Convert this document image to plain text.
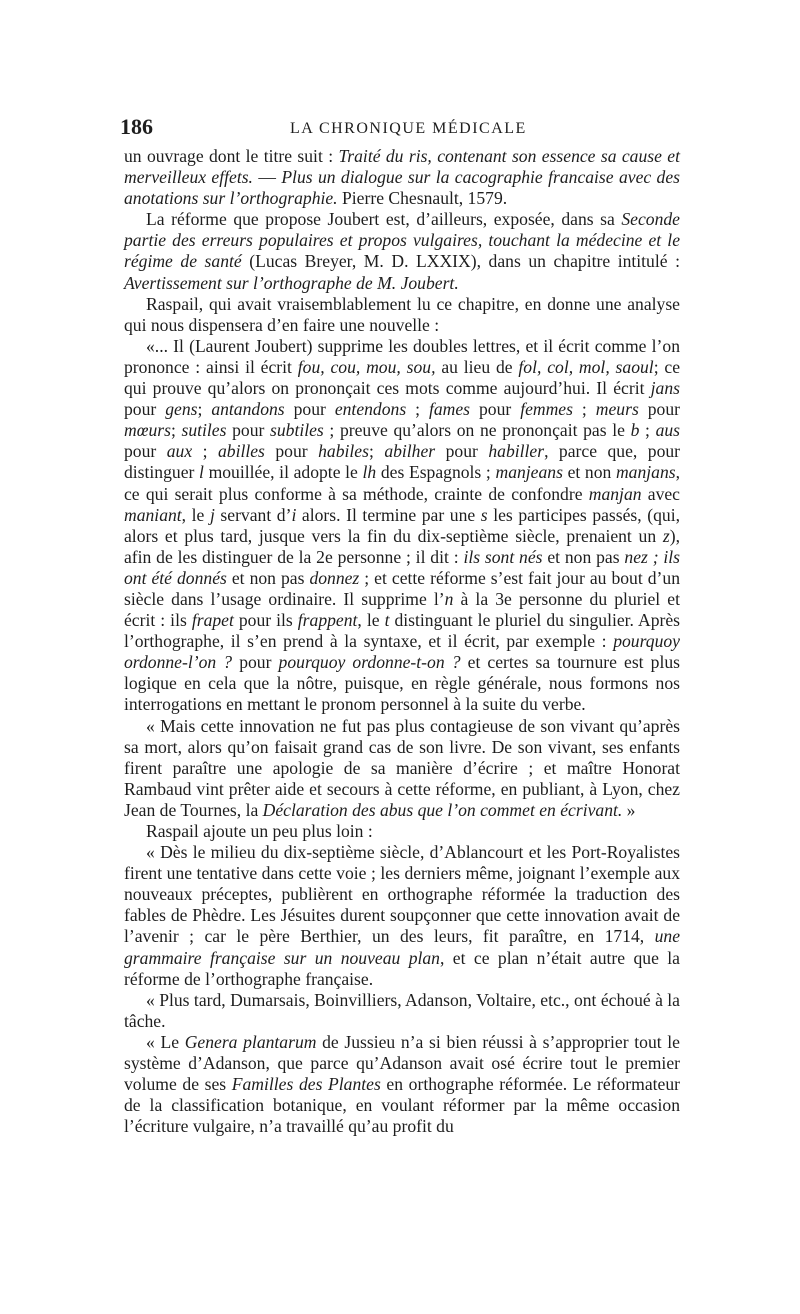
186	LA CHRONIQUE MÉDICALE

un ouvrage dont le titre suit : Traité du ris, contenant son essence sa cause et merveilleux effets. — Plus un dialogue sur la cacographie francaise avec des anotations sur l’orthographie. Pierre Chesnault, 1579.

La réforme que propose Joubert est, d’ailleurs, exposée, dans sa Seconde partie des erreurs populaires et propos vulgaires, touchant la médecine et le régime de santé (Lucas Breyer, M. D. LXXIX), dans un chapitre intitulé : Avertissement sur l’orthographe de M. Joubert.

Raspail, qui avait vraisemblablement lu ce chapitre, en donne une analyse qui nous dispensera d’en faire une nouvelle :

«... Il (Laurent Joubert) supprime les doubles lettres, et il écrit comme l’on prononce : ainsi il écrit fou, cou, mou, sou, au lieu de fol, col, mol, saoul; ce qui prouve qu’alors on prononçait ces mots comme aujourd’hui. Il écrit jans pour gens; antandons pour entendons ; fames pour femmes ; meurs pour mœurs; sutiles pour subtiles ; preuve qu’alors on ne prononçait pas le b ; aus pour aux ; abilles pour habiles; abilher pour habiller, parce que, pour distinguer l mouillée, il adopte le lh des Espagnols ; manjeans et non manjans, ce qui serait plus conforme à sa méthode, crainte de confondre manjan avec maniant, le j servant d’i alors. Il termine par une s les participes passés, (qui, alors et plus tard, jusque vers la fin du dix-septième siècle, prenaient un z), afin de les distinguer de la 2e personne ; il dit : ils sont nés et non pas nez ; ils ont été donnés et non pas donnez ; et cette réforme s’est fait jour au bout d’un siècle dans l’usage ordinaire. Il supprime l’n à la 3e personne du pluriel et écrit : ils frapet pour ils frappent, le t distinguant le pluriel du singulier. Après l’orthographe, il s’en prend à la syntaxe, et il écrit, par exemple : pourquoy ordonne-l’on ? pour pourquoy ordonne-t-on ? et certes sa tournure est plus logique en cela que la nôtre, puisque, en règle générale, nous formons nos interrogations en mettant le pronom personnel à la suite du verbe.

« Mais cette innovation ne fut pas plus contagieuse de son vivant qu’après sa mort, alors qu’on faisait grand cas de son livre. De son vivant, ses enfants firent paraître une apologie de sa manière d’écrire ; et maître Honorat Rambaud vint prêter aide et secours à cette réforme, en publiant, à Lyon, chez Jean de Tournes, la Déclaration des abus que l’on commet en écrivant. »

Raspail ajoute un peu plus loin :

« Dès le milieu du dix-septième siècle, d’Ablancourt et les Port-Royalistes firent une tentative dans cette voie ; les derniers même, joignant l’exemple aux nouveaux préceptes, publièrent en orthographe réformée la traduction des fables de Phèdre. Les Jésuites durent soupçonner que cette innovation avait de l’avenir ; car le père Berthier, un des leurs, fit paraître, en 1714, une grammaire française sur un nouveau plan, et ce plan n’était autre que la réforme de l’orthographe française.

« Plus tard, Dumarsais, Boinvilliers, Adanson, Voltaire, etc., ont échoué à la tâche.

« Le Genera plantarum de Jussieu n’a si bien réussi à s’approprier tout le système d’Adanson, que parce qu’Adanson avait osé écrire tout le premier volume de ses Familles des Plantes en orthographe réformée. Le réformateur de la classification botanique, en voulant réformer par la même occasion l’écriture vulgaire, n’a travaillé qu’au profit du
